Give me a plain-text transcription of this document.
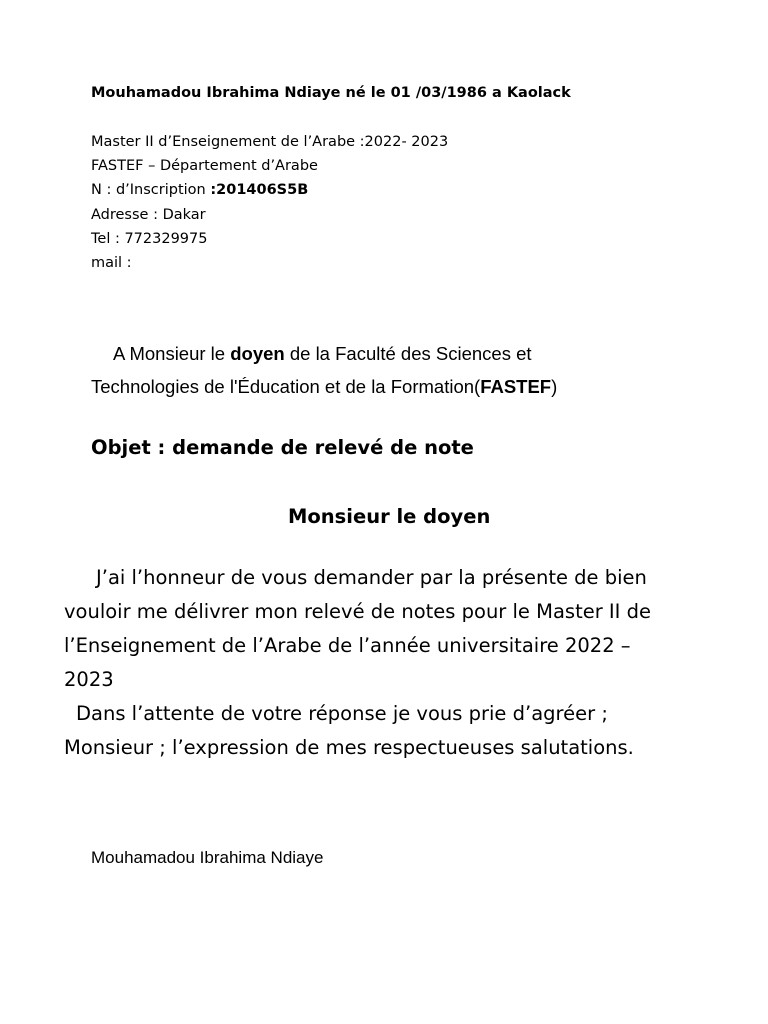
Mouhamadou Ibrahima Ndiaye né le 01 /03/1986 a Kaolack
Master II d’Enseignement de l’Arabe :2022- 2023
FASTEF – Département d’Arabe
N : d’Inscription :201406S5B
Adresse : Dakar
Tel : 772329975
mail :
A Monsieur le doyen de la Faculté des Sciences et
Technologies de l'Éducation et de la Formation(FASTEF)
Objet : demande de relevé de note
Monsieur le doyen
J’ai l’honneur de vous demander par la présente de bien
vouloir me délivrer mon relevé de notes pour le Master II de
l’Enseignement de l’Arabe de l’année universitaire 2022 –
2023
Dans l’attente de votre réponse je vous prie d’agréer ;
Monsieur ; l’expression de mes respectueuses salutations.
Mouhamadou Ibrahima Ndiaye
